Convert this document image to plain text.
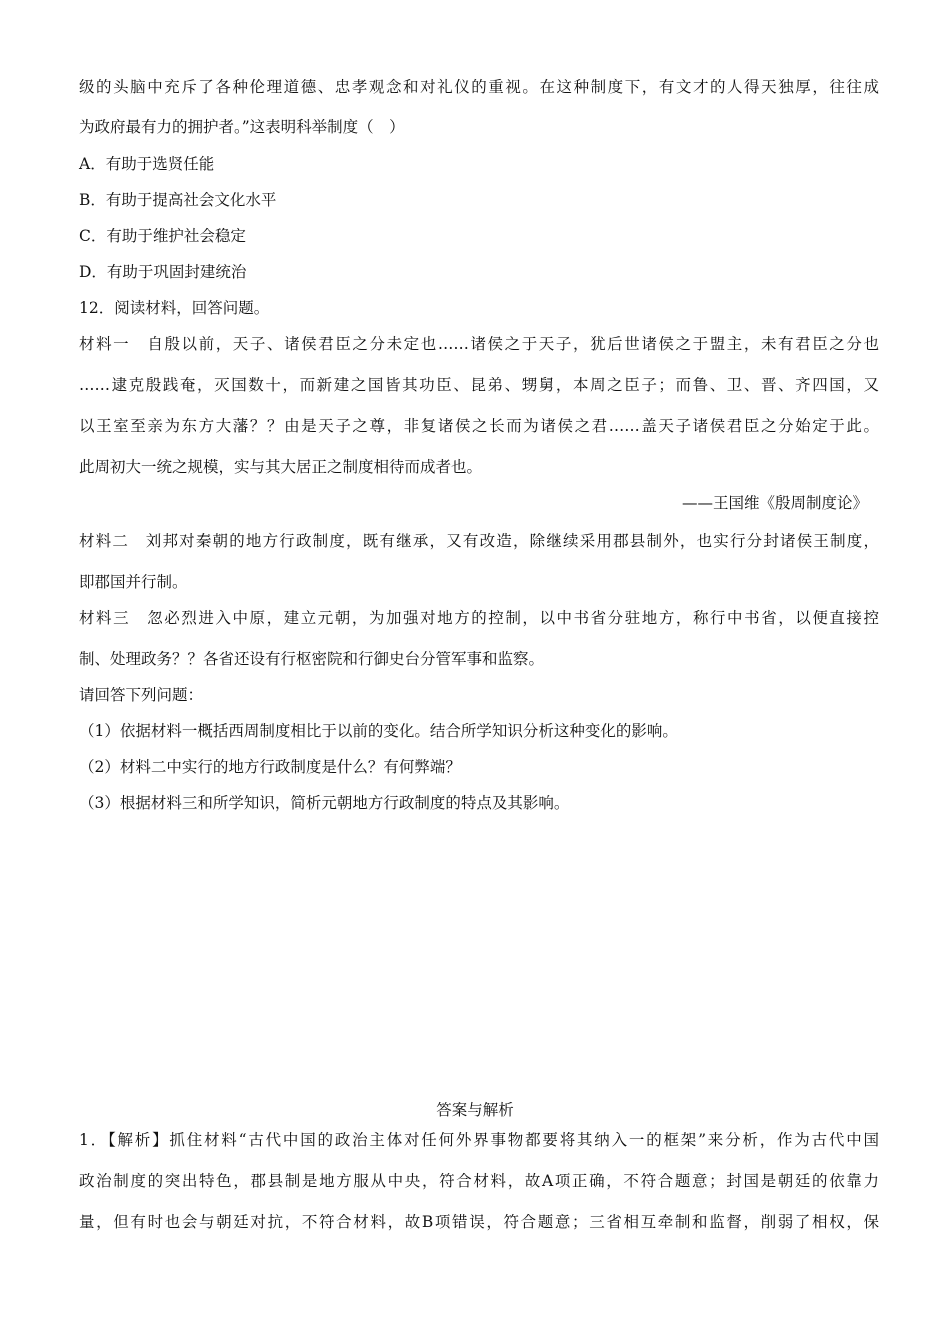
级的头脑中充斥了各种伦理道德、忠孝观念和对礼仪的重视。在这种制度下，有文才的人得天独厚，往往成
为政府最有力的拥护者。”这表明科举制度（　）
A．有助于选贤任能
B．有助于提高社会文化水平
C．有助于维护社会稳定
D．有助于巩固封建统治
12．阅读材料，回答问题。
材料一　自殷以前，天子、诸侯君臣之分未定也……诸侯之于天子，犹后世诸侯之于盟主，未有君臣之分也
……逮克殷践奄，灭国数十，而新建之国皆其功臣、昆弟、甥舅，本周之臣子；而鲁、卫、晋、齐四国，又
以王室至亲为东方大藩？？由是天子之尊，非复诸侯之长而为诸侯之君……盖天子诸侯君臣之分始定于此。
此周初大一统之规模，实与其大居正之制度相待而成者也。
——王国维《殷周制度论》
材料二　刘邦对秦朝的地方行政制度，既有继承，又有改造，除继续采用郡县制外，也实行分封诸侯王制度，
即郡国并行制。
材料三　忽必烈进入中原，建立元朝，为加强对地方的控制，以中书省分驻地方，称行中书省，以便直接控
制、处理政务？？各省还设有行枢密院和行御史台分管军事和监察。
请回答下列问题：
（1）依据材料一概括西周制度相比于以前的变化。结合所学知识分析这种变化的影响。
（2）材料二中实行的地方行政制度是什么？有何弊端？
（3）根据材料三和所学知识，简析元朝地方行政制度的特点及其影响。
答案与解析
1．【解析】抓住材料“古代中国的政治主体对任何外界事物都要将其纳入一的框架”来分析，作为古代中国
政治制度的突出特色，郡县制是地方服从中央，符合材料，故A项正确，不符合题意；封国是朝廷的依靠力
量，但有时也会与朝廷对抗，不符合材料，故B项错误，符合题意；三省相互牵制和监督，削弱了相权，保
